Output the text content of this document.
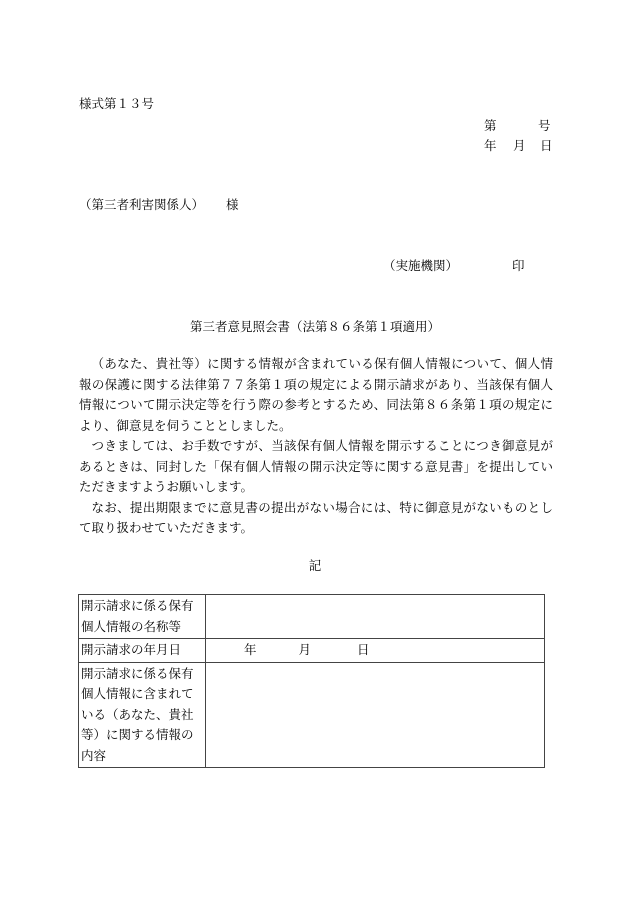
様式第１３号
第	号
年 月 日
（第三者利害関係人） 様
（実施機関）	印
第三者意見照会書（法第８６条第１項適用）

（あなた、貴社等）に関する情報が含まれている保有個人情報について、個人情報の保護に関する法律第７７条第１項の規定による開示請求があり、当該保有個人情報について開示決定等を行う際の参考とするため、同法第８６条第１項の規定により、御意見を伺うこととしました。

つきましては、お手数ですが、当該保有個人情報を開示することにつき御意見があるときは、同封した「保有個人情報の開示決定等に関する意見書」を提出していただきますようお願いします。

なお、提出期限までに意見書の提出がない場合には、特に御意見がないものとして取り扱わせていただきます。

記
開示請求に係る保有個人情報の名称等	
開示請求の年月日	年 月 日
開示請求に係る保有個人情報に含まれている（あなた、貴社等）に関する情報の内容	
